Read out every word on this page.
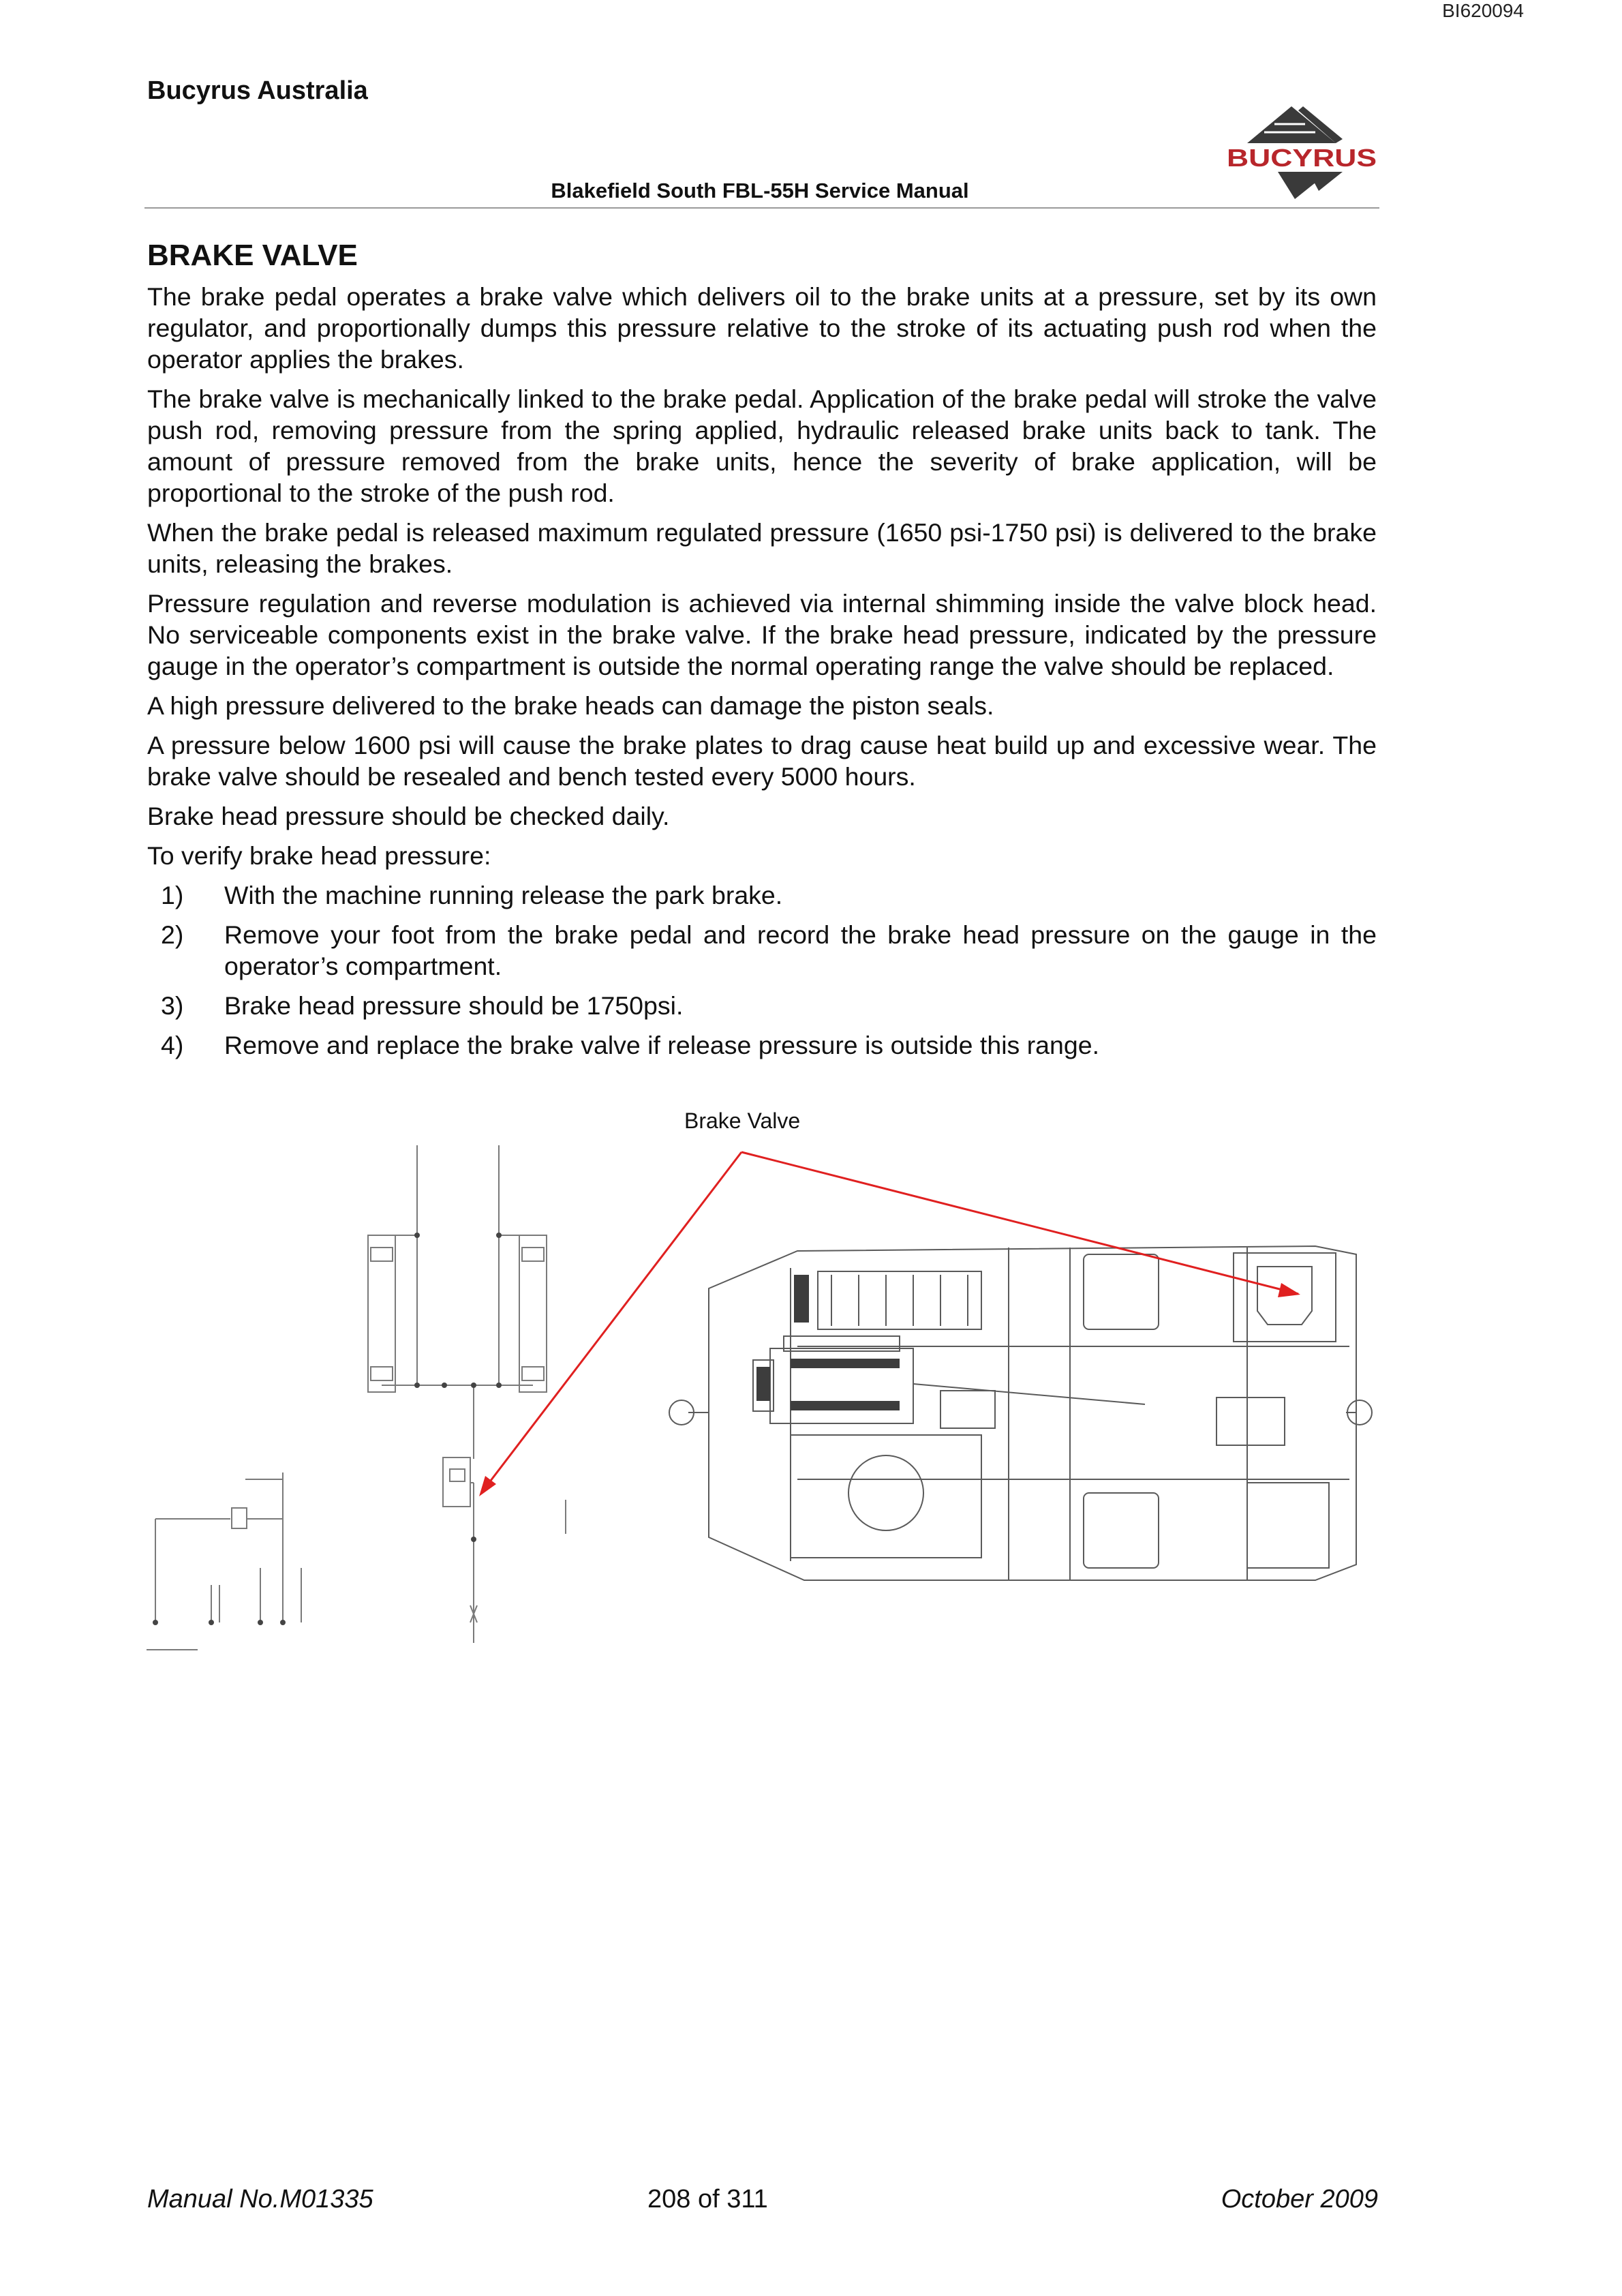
BI620094
Bucyrus Australia
Blakefield South FBL-55H Service Manual
BUCYRUS
BRAKE VALVE

The brake pedal operates a brake valve which delivers oil to the brake units at a pressure, set by its own regulator, and proportionally dumps this pressure relative to the stroke of its actuating push rod when the operator applies the brakes.

The brake valve is mechanically linked to the brake pedal. Application of the brake pedal will stroke the valve push rod, removing pressure from the spring applied, hydraulic released brake units back to tank. The amount of pressure removed from the brake units, hence the severity of brake application, will be proportional to the stroke of the push rod.

When the brake pedal is released maximum regulated pressure (1650 psi-1750 psi) is delivered to the brake units, releasing the brakes.

Pressure regulation and reverse modulation is achieved via internal shimming inside the valve block head. No serviceable components exist in the brake valve. If the brake head pressure, indicated by the pressure gauge in the operator’s compartment is outside the normal operating range the valve should be replaced.

A high pressure delivered to the brake heads can damage the piston seals.

A pressure below 1600 psi will cause the brake plates to drag cause heat build up and excessive wear. The brake valve should be resealed and bench tested every 5000 hours.

Brake head pressure should be checked daily.

To verify brake head pressure:

1)	With the machine running release the park brake.
2)	Remove your foot from the brake pedal and record the brake head pressure on the gauge in the operator’s compartment.
3)	Brake head pressure should be 1750psi.
4)	Remove and replace the brake valve if release pressure is outside this range.
Brake Valve
Manual No.M01335	208 of 311	October 2009
